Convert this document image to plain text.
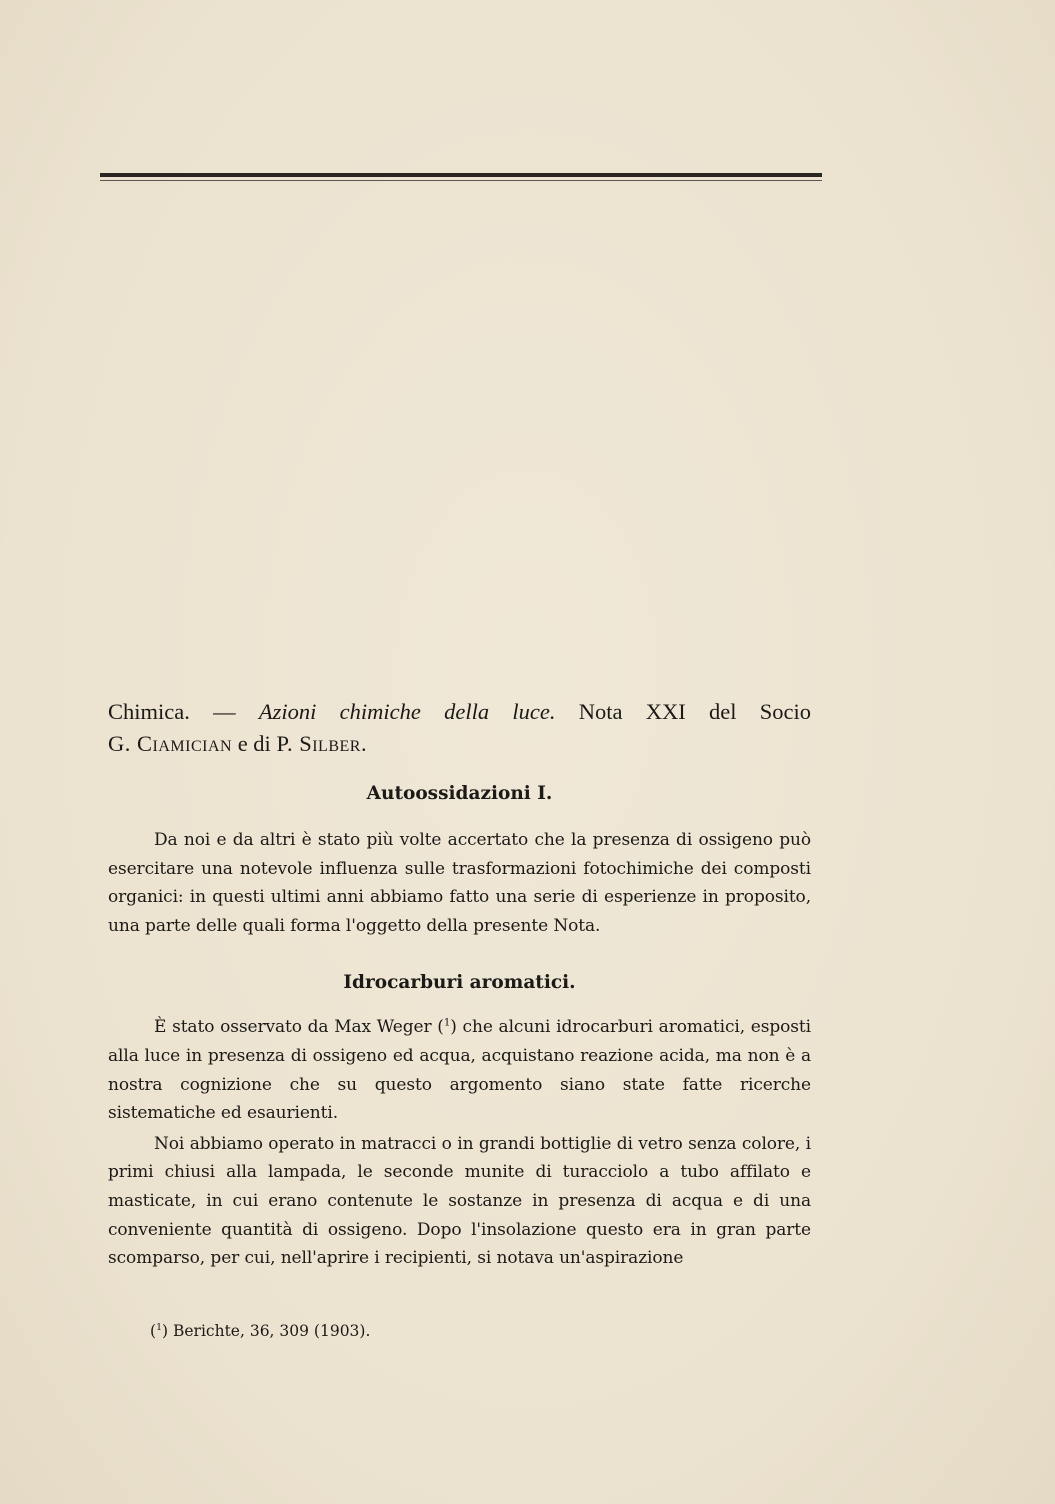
Chimica. — Azioni chimiche della luce. Nota XXI del Socio

G. Ciamician e di P. Silber.

Autoossidazioni I.

Da noi e da altri è stato più volte accertato che la presenza di ossigeno può esercitare una notevole influenza sulle trasformazioni fotochimiche dei composti organici: in questi ultimi anni abbiamo fatto una serie di esperienze in proposito, una parte delle quali forma l'oggetto della presente Nota.

Idrocarburi aromatici.

È stato osservato da Max Weger ($^1$) che alcuni idrocarburi aromatici, esposti alla luce in presenza di ossigeno ed acqua, acquistano reazione acida, ma non è a nostra cognizione che su questo argomento siano state fatte ricerche sistematiche ed esaurienti.

Noi abbiamo operato in matracci o in grandi bottiglie di vetro senza colore, i primi chiusi alla lampada, le seconde munite di turacciolo a tubo affilato e masticate, in cui erano contenute le sostanze in presenza di acqua e di una conveniente quantità di ossigeno. Dopo l'insolazione questo era in gran parte scomparso, per cui, nell'aprire i recipienti, si notava un'aspirazione

($^1$) Berichte, 36, 309 (1903).
